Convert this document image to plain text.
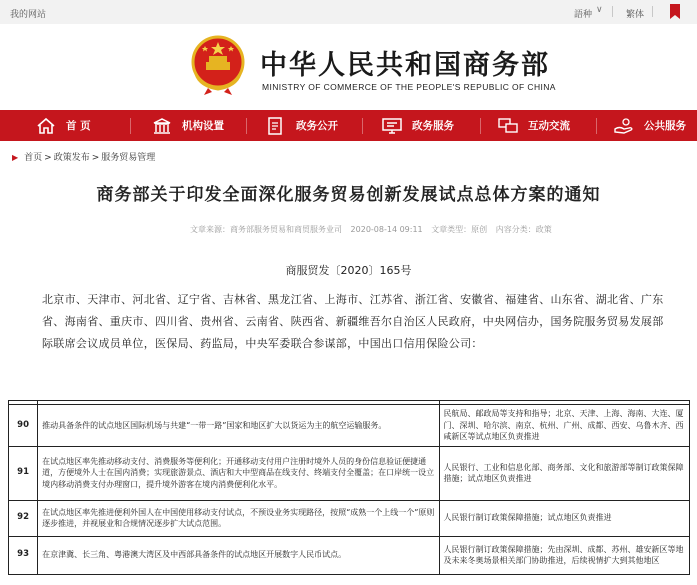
我的网站	語种 ∨	繁体
中华人民共和国商务部
MINISTRY OF COMMERCE OF THE PEOPLE'S REPUBLIC OF CHINA
首 页	机构设置	政务公开	政务服务	互动交流	公共服务
▶ 首页 > 政策发布 > 服务贸易管理
商务部关于印发全面深化服务贸易创新发展试点总体方案的通知
文章来源：商务部服务贸易和商贸服务业司 2020-08-14 09:11 文章类型：原创 内容分类：政策
商服贸发〔2020〕165号
北京市、天津市、河北省、辽宁省、吉林省、黑龙江省、上海市、江苏省、浙江省、安徽省、福建省、山东省、湖北省、广东省、海南省、重庆市、四川省、贵州省、云南省、陕西省、新疆维吾尔自治区人民政府，中央网信办，国务院服务贸易发展部际联席会议成员单位，医保局、药监局，中央军委联合参谋部，中国出口信用保险公司：

90	推动具备条件的试点地区国际机场与共建“一带一路”国家和地区扩大以货运为主的航空运输服务。	民航局、邮政局等支持和指导；北京、天津、上海、海南、大连、厦门、深圳、哈尔滨、南京、杭州、广州、成都、西安、乌鲁木齐、西咸新区等试点地区负责推进
91	在试点地区率先推动移动支付、消费服务等便利化；开通移动支付用户注册时境外人员的身份信息验证便捷通道，方便境外人士在国内消费；实现旅游景点、酒店和大中型商品在线支付、终端支付全覆盖；在口岸统一设立境内移动消费支付办理窗口，提升境外游客在境内消费便利化水平。	人民银行、工业和信息化部、商务部、文化和旅游部等制订政策保障措施；试点地区负责推进
92	在试点地区率先推进便利外国人在中国使用移动支付试点，不预设业务实现路径，按照“成熟一个上线一个”原则逐步推进，并视展业和合规情况逐步扩大试点范围。	人民银行制订政策保障措施；试点地区负责推进
93	在京津冀、长三角、粤港澳大湾区及中西部具备条件的试点地区开展数字人民币试点。	人民银行制订政策保障措施；先由深圳、成都、苏州、雄安新区等地及未来冬奥场景相关部门协助推进，后续视情扩大到其他地区
